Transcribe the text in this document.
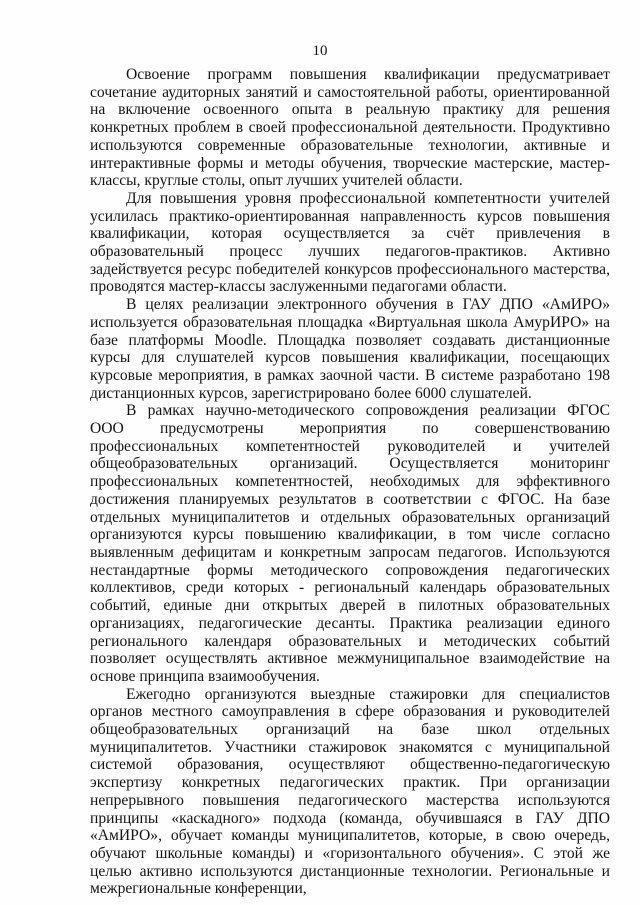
10

Освоение программ повышения квалификации предусматривает сочетание аудиторных занятий и самостоятельной работы, ориентированной на включение освоенного опыта в реальную практику для решения конкретных проблем в своей профессиональной деятельности. Продуктивно используются современные образовательные технологии, активные и интерактивные формы и методы обучения, творческие мастерские, мастер-классы, круглые столы, опыт лучших учителей области.

Для повышения уровня профессиональной компетентности учителей усилилась практико-ориентированная направленность курсов повышения квалификации, которая осуществляется за счёт привлечения в образовательный процесс лучших педагогов-практиков. Активно задействуется ресурс победителей конкурсов профессионального мастерства, проводятся мастер-классы заслуженными педагогами области.

В целях реализации электронного обучения в ГАУ ДПО «АмИРО» используется образовательная площадка «Виртуальная школа АмурИРО» на базе платформы Moodle. Площадка позволяет создавать дистанционные курсы для слушателей курсов повышения квалификации, посещающих курсовые мероприятия, в рамках заочной части. В системе разработано 198 дистанционных курсов, зарегистрировано более 6000 слушателей.

В рамках научно-методического сопровождения реализации ФГОС ООО предусмотрены мероприятия по совершенствованию профессиональных компетентностей руководителей и учителей общеобразовательных организаций. Осуществляется мониторинг профессиональных компетентностей, необходимых для эффективного достижения планируемых результатов в соответствии с ФГОС. На базе отдельных муниципалитетов и отдельных образовательных организаций организуются курсы повышению квалификации, в том числе согласно выявленным дефицитам и конкретным запросам педагогов. Используются нестандартные формы методического сопровождения педагогических коллективов, среди которых - региональный календарь образовательных событий, единые дни открытых дверей в пилотных образовательных организациях, педагогические десанты. Практика реализации единого регионального календаря образовательных и методических событий позволяет осуществлять активное межмуниципальное взаимодействие на основе принципа взаимообучения.

Ежегодно организуются выездные стажировки для специалистов органов местного самоуправления в сфере образования и руководителей общеобразовательных организаций на базе школ отдельных муниципалитетов. Участники стажировок знакомятся с муниципальной системой образования, осуществляют общественно-педагогическую экспертизу конкретных педагогических практик. При организации непрерывного повышения педагогического мастерства используются принципы «каскадного» подхода (команда, обучившаяся в ГАУ ДПО «АмИРО», обучает команды муниципалитетов, которые, в свою очередь, обучают школьные команды) и «горизонтального обучения». С этой же целью активно используются дистанционные технологии. Региональные и межрегиональные конференции,
